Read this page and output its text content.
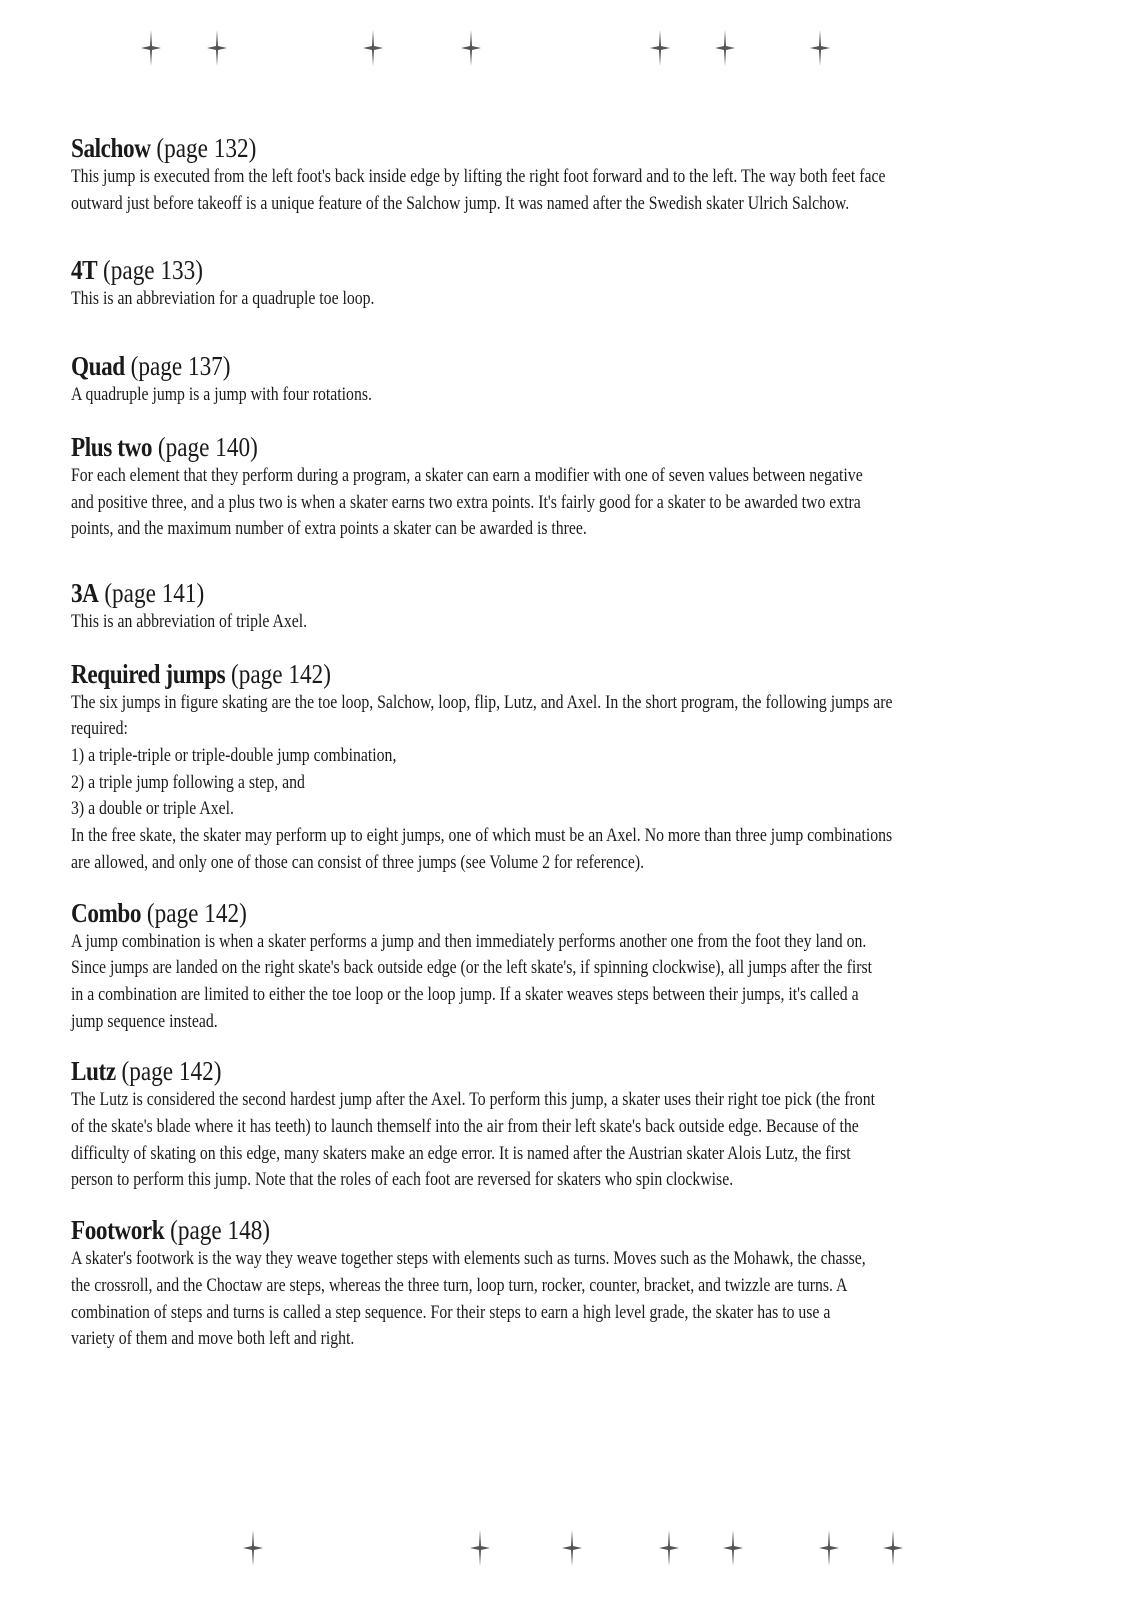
Salchow (page 132)

This jump is executed from the left foot's back inside edge by lifting the right foot forward and to the left. The way both feet face
outward just before takeoff is a unique feature of the Salchow jump. It was named after the Swedish skater Ulrich Salchow.

4T (page 133)

This is an abbreviation for a quadruple toe loop.

Quad (page 137)

A quadruple jump is a jump with four rotations.

Plus two (page 140)

For each element that they perform during a program, a skater can earn a modifier with one of seven values between negative
and positive three, and a plus two is when a skater earns two extra points. It's fairly good for a skater to be awarded two extra
points, and the maximum number of extra points a skater can be awarded is three.

3A (page 141)

This is an abbreviation of triple Axel.

Required jumps (page 142)

The six jumps in figure skating are the toe loop, Salchow, loop, flip, Lutz, and Axel. In the short program, the following jumps are
required:
1) a triple-triple or triple-double jump combination,
2) a triple jump following a step, and
3) a double or triple Axel.
In the free skate, the skater may perform up to eight jumps, one of which must be an Axel. No more than three jump combinations
are allowed, and only one of those can consist of three jumps (see Volume 2 for reference).

Combo (page 142)

A jump combination is when a skater performs a jump and then immediately performs another one from the foot they land on.
Since jumps are landed on the right skate's back outside edge (or the left skate's, if spinning clockwise), all jumps after the first
in a combination are limited to either the toe loop or the loop jump. If a skater weaves steps between their jumps, it's called a
jump sequence instead.

Lutz (page 142)

The Lutz is considered the second hardest jump after the Axel. To perform this jump, a skater uses their right toe pick (the front
of the skate's blade where it has teeth) to launch themself into the air from their left skate's back outside edge. Because of the
difficulty of skating on this edge, many skaters make an edge error. It is named after the Austrian skater Alois Lutz, the first
person to perform this jump. Note that the roles of each foot are reversed for skaters who spin clockwise.

Footwork (page 148)

A skater's footwork is the way they weave together steps with elements such as turns. Moves such as the Mohawk, the chasse,
the crossroll, and the Choctaw are steps, whereas the three turn, loop turn, rocker, counter, bracket, and twizzle are turns. A
combination of steps and turns is called a step sequence. For their steps to earn a high level grade, the skater has to use a
variety of them and move both left and right.
